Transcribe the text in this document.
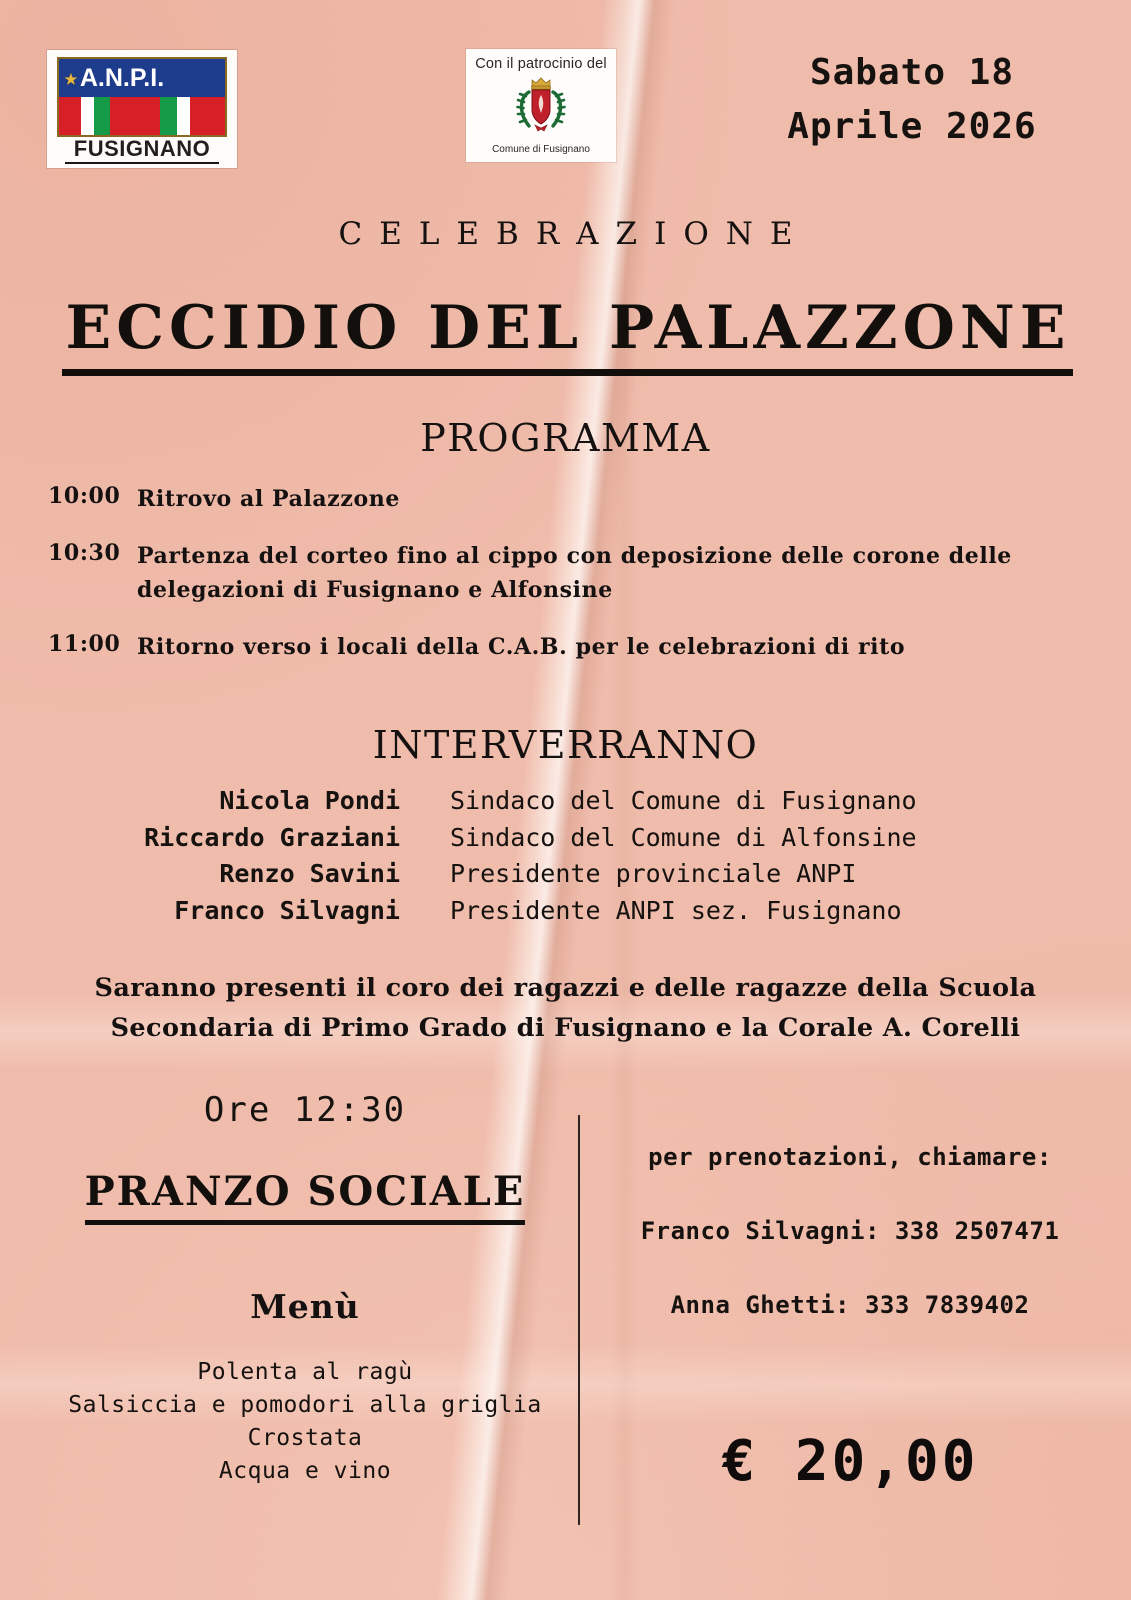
★ A.N.P.I.
FUSIGNANO
Con il patrocinio del
Comune di Fusignano
Sabato 18
Aprile 2026
CELEBRAZIONE
ECCIDIO DEL PALAZZONE
PROGRAMMA
10:00 Ritrovo al Palazzone
10:30 Partenza del corteo fino al cippo con deposizione delle corone delle delegazioni di Fusignano e Alfonsine
11:00 Ritorno verso i locali della C.A.B. per le celebrazioni di rito
INTERVERRANNO
Nicola Pondi	Sindaco del Comune di Fusignano
Riccardo Graziani	Sindaco del Comune di Alfonsine
Renzo Savini	Presidente provinciale ANPI
Franco Silvagni	Presidente ANPI sez. Fusignano
Saranno presenti il coro dei ragazzi e delle ragazze della Scuola Secondaria di Primo Grado di Fusignano e la Corale A. Corelli
Ore 12:30
PRANZO SOCIALE
Menù
Polenta al ragù
Salsiccia e pomodori alla griglia
Crostata
Acqua e vino
per prenotazioni, chiamare:
Franco Silvagni: 338 2507471
Anna Ghetti: 333 7839402
€ 20,00
